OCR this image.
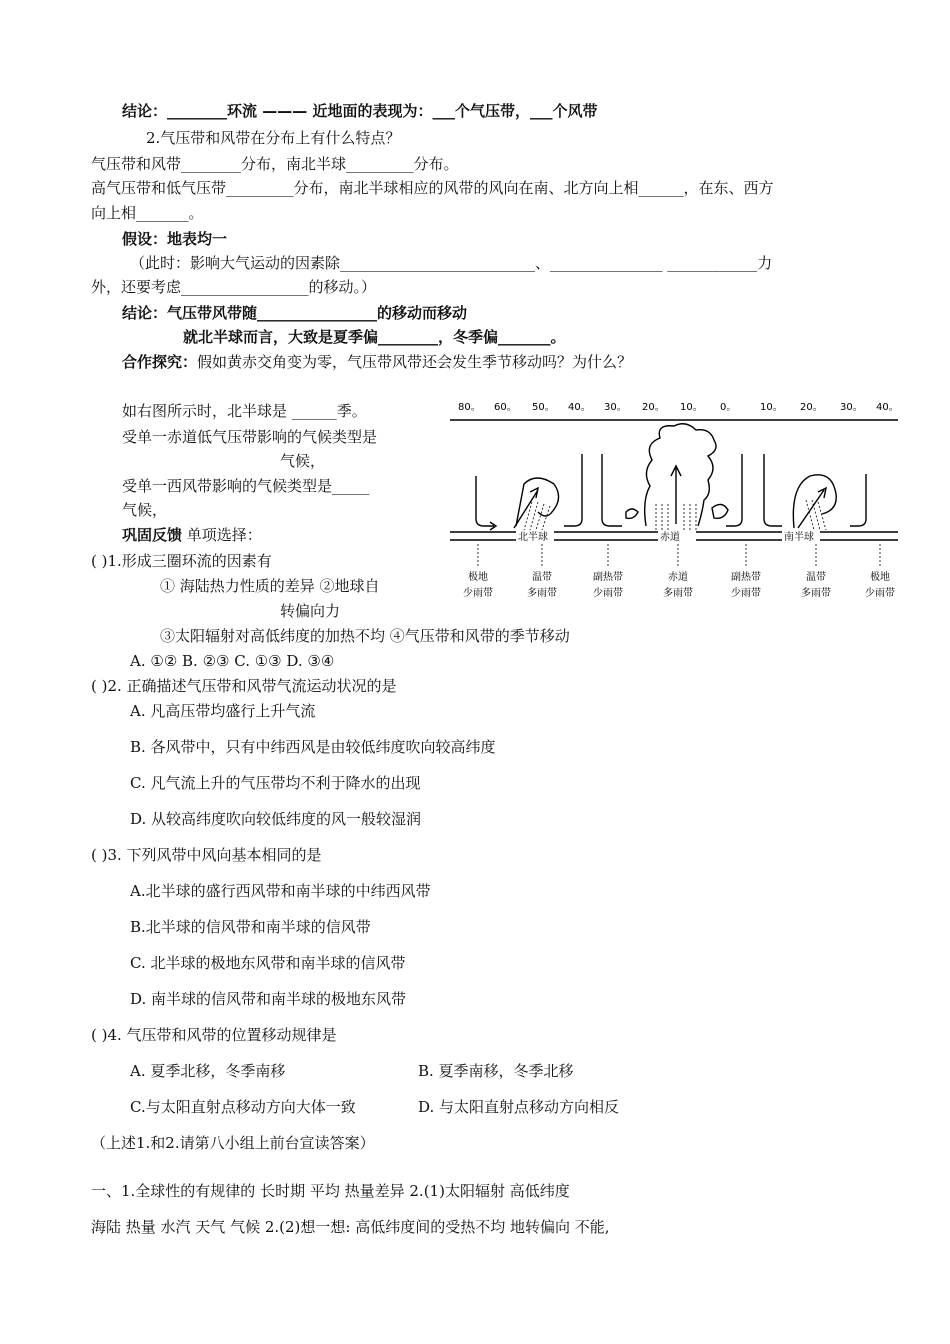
结论：________环流 ——— 近地面的表现为：___个气压带，___个风带
2.气压带和风带在分布上有什么特点？
气压带和风带________分布，南北半球_________分布。
高气压带和低气压带_________分布，南北半球相应的风带的风向在南、北方向上相______，在东、西方
向上相_______。
假设：地表均一
（此时：影响大气运动的因素除__________________________、_______________ ____________力
外，还要考虑_________________的移动。）
结论：气压带风带随________________的移动而移动
就北半球而言，大致是夏季偏________，冬季偏_______。
合作探究：假如黄赤交角变为零，气压带风带还会发生季节移动吗？为什么？
如右图所示时，北半球是 ______季。
受单一赤道低气压带影响的气候类型是
气候，
受单一西风带影响的气候类型是_____
气候，
巩固反馈 单项选择：
( )1.形成三圈环流的因素有
① 海陆热力性质的差异 ②地球自
转偏向力
③太阳辐射对高低纬度的加热不均 ④气压带和风带的季节移动
A. ①② B. ②③ C. ①③ D. ③④
( )2. 正确描述气压带和风带气流运动状况的是
A. 凡高压带均盛行上升气流
B. 各风带中，只有中纬西风是由较低纬度吹向较高纬度
C. 凡气流上升的气压带均不利于降水的出现
D. 从较高纬度吹向较低纬度的风一般较湿润
( )3. 下列风带中风向基本相同的是
A.北半球的盛行西风带和南半球的中纬西风带
B.北半球的信风带和南半球的信风带
C. 北半球的极地东风带和南半球的信风带
D. 南半球的信风带和南半球的极地东风带
( )4. 气压带和风带的位置移动规律是
A. 夏季北移，冬季南移	B. 夏季南移，冬季北移
C.与太阳直射点移动方向大体一致	D. 与太阳直射点移动方向相反
（上述1.和2.请第八小组上前台宣读答案）
一、1.全球性的有规律的 长时期 平均 热量差异 2.(1)太阳辐射 高低纬度
海陆 热量 水汽 天气 气候 2.(2)想一想: 高低纬度间的受热不均 地转偏向 不能,
80。 60。 50。 40。 30。 20。 10。 0。 10。 20。 30。 40。
北半球	赤道	南半球
极地
少雨带
温带
多雨带
副热带
少雨带
赤道
多雨带
副热带
少雨带
温带
多雨带
极地
少雨带
